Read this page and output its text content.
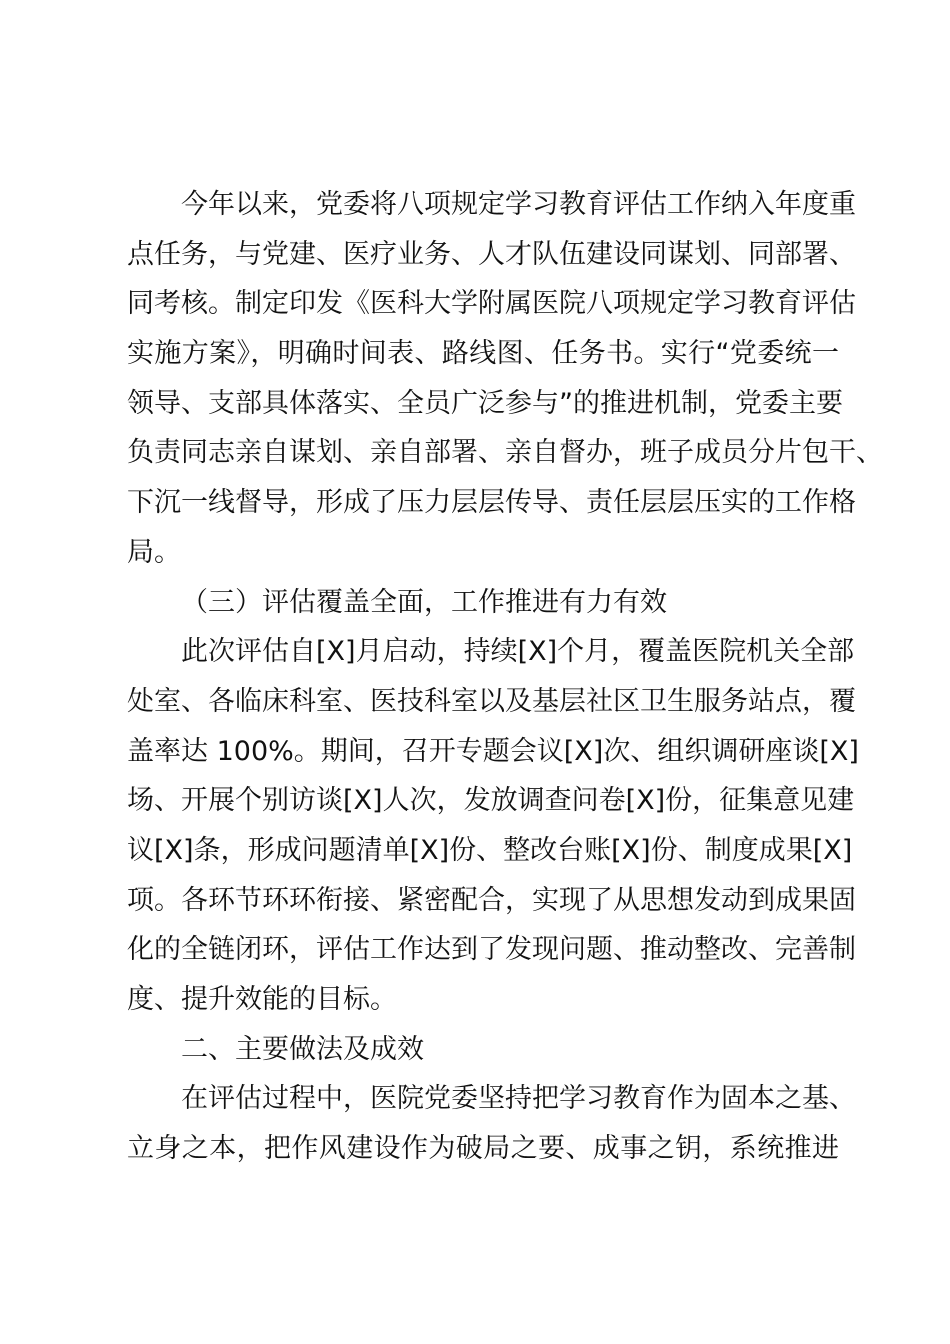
今年以来，党委将八项规定学习教育评估工作纳入年度重
点任务，与党建、医疗业务、人才队伍建设同谋划、同部署、
同考核。制定印发《医科大学附属医院八项规定学习教育评估
实施方案》，明确时间表、路线图、任务书。实行“党委统一
领导、支部具体落实、全员广泛参与”的推进机制，党委主要
负责同志亲自谋划、亲自部署、亲自督办，班子成员分片包干、
下沉一线督导，形成了压力层层传导、责任层层压实的工作格
局。
（三）评估覆盖全面，工作推进有力有效
此次评估自[X]月启动，持续[X]个月，覆盖医院机关全部
处室、各临床科室、医技科室以及基层社区卫生服务站点，覆
盖率达 100%。期间，召开专题会议[X]次、组织调研座谈[X]
场、开展个别访谈[X]人次，发放调查问卷[X]份，征集意见建
议[X]条，形成问题清单[X]份、整改台账[X]份、制度成果[X]
项。各环节环环衔接、紧密配合，实现了从思想发动到成果固
化的全链闭环，评估工作达到了发现问题、推动整改、完善制
度、提升效能的目标。
二、主要做法及成效
在评估过程中，医院党委坚持把学习教育作为固本之基、
立身之本，把作风建设作为破局之要、成事之钥，系统推进
